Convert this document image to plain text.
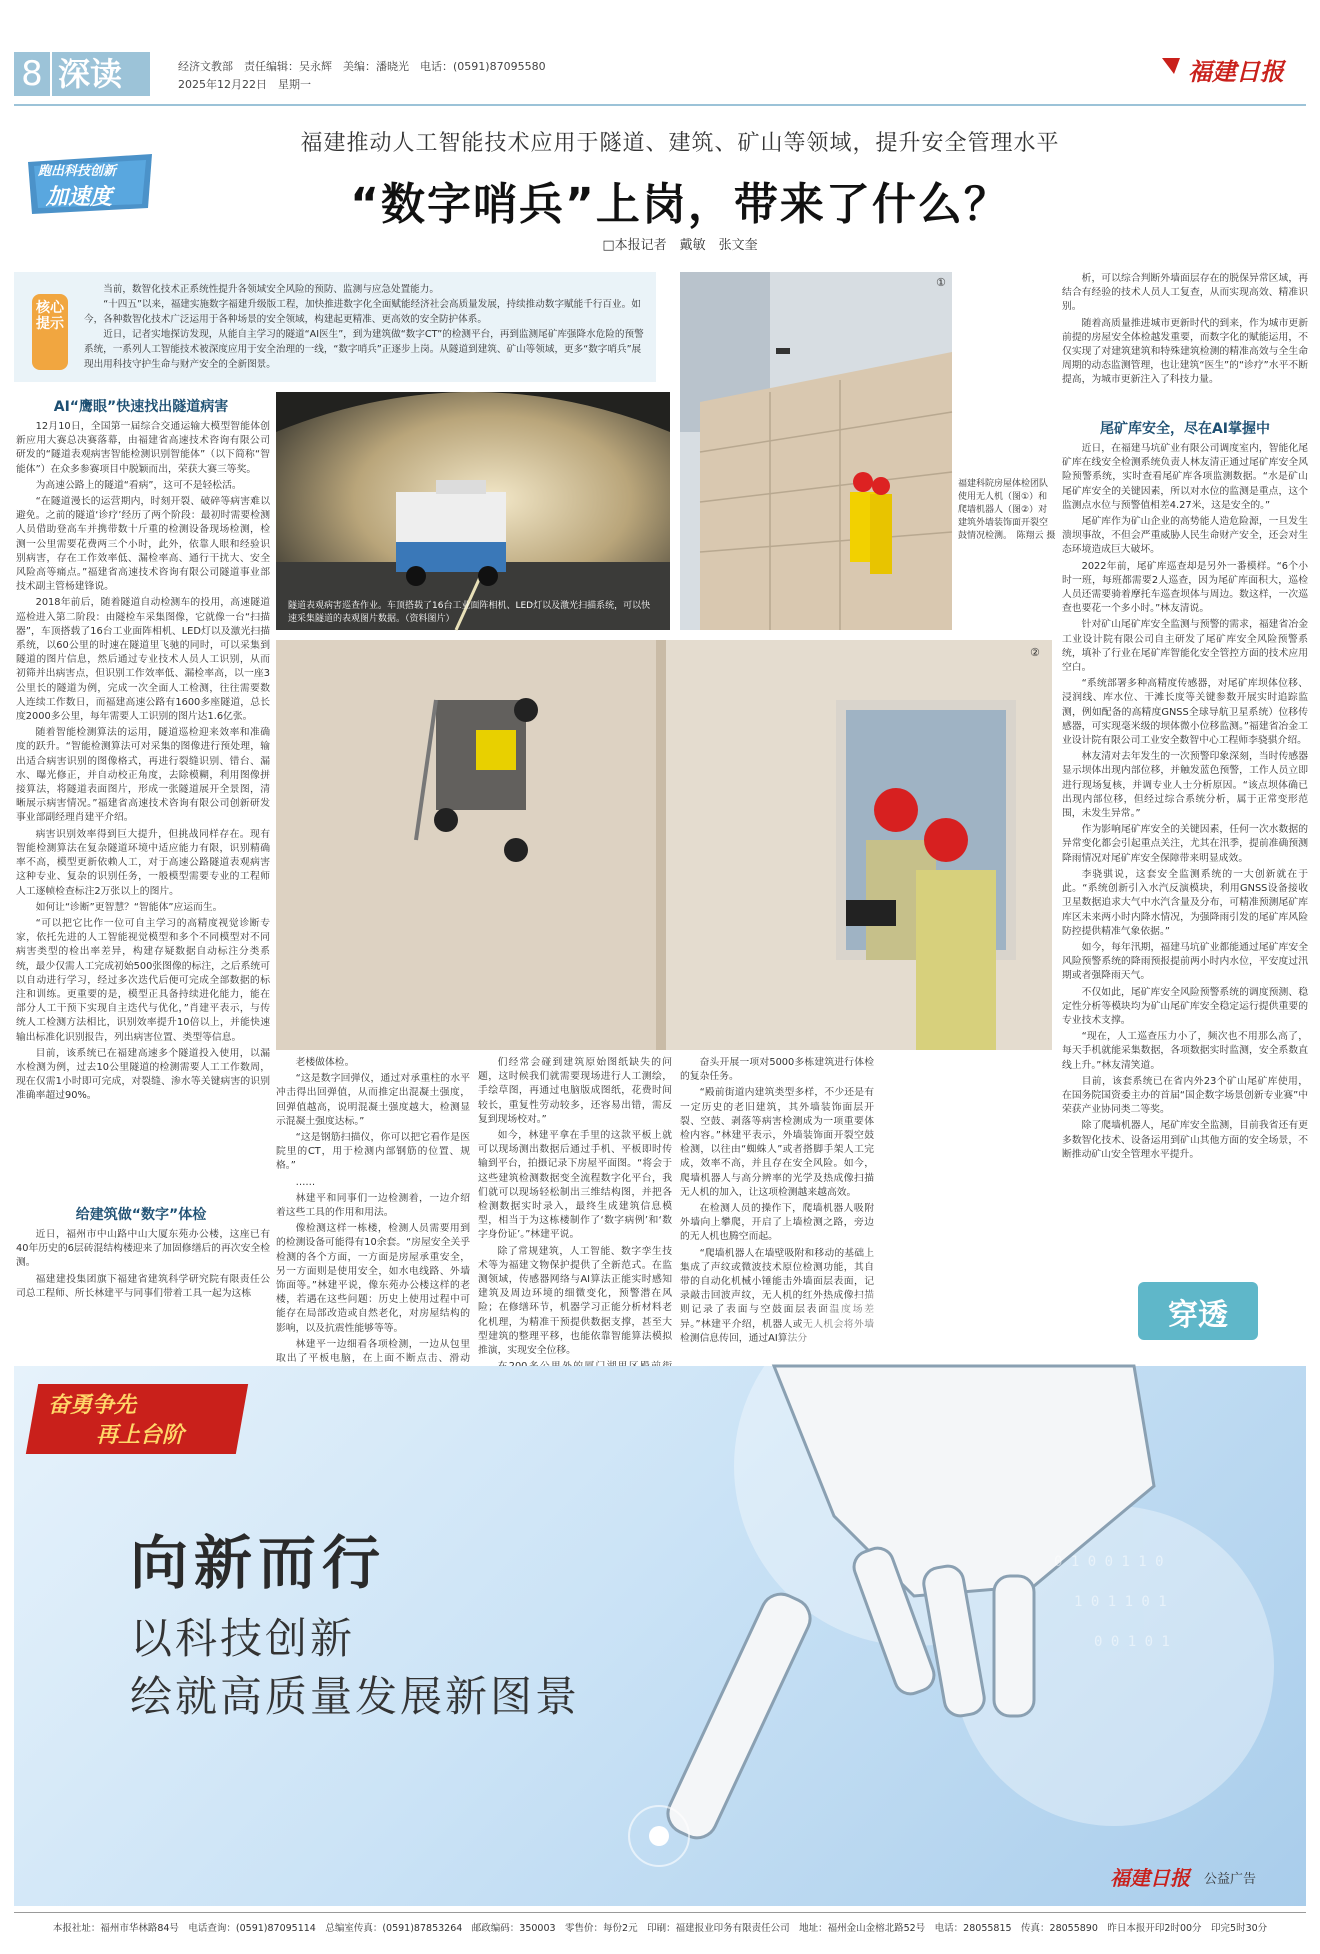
8 深读	经济文教部　责任编辑：吴永辉　美编：潘晓光　电话：(0591)87095580
2025年12月22日　星期一	福建日报
跑出科技创新
加速度
福建推动人工智能技术应用于隧道、建筑、矿山等领域，提升安全管理水平
“数字哨兵”上岗，带来了什么？
□本报记者　戴敏　张文奎
核心提示
当前，数智化技术正系统性提升各领域安全风险的预防、监测与应急处置能力。
“十四五”以来，福建实施数字福建升级版工程，加快推进数字化全面赋能经济社会高质量发展，持续推动数字赋能千行百业。如今，各种数智化技术广泛运用于各种场景的安全领域，构建起更精准、更高效的安全防护体系。
近日，记者实地探访发现，从能自主学习的隧道“AI医生”，到为建筑做“数字CT”的检测平台，再到监测尾矿库强降水危险的预警系统，一系列人工智能技术被深度应用于安全治理的一线，“数字哨兵”正逐步上岗。从隧道到建筑、矿山等领域，更多“数字哨兵”展现出用科技守护生命与财产安全的全新图景。
AI“鹰眼”快速找出隧道病害

12月10日，全国第一届综合交通运输大模型智能体创新应用大赛总决赛落幕，由福建省高速技术咨询有限公司研发的“隧道表观病害智能检测识别智能体”（以下简称“智能体”）在众多参赛项目中脱颖而出，荣获大赛三等奖。

为高速公路上的隧道“看病”，这可不是轻松活。

“在隧道漫长的运营期内，时刻开裂、破碎等病害难以避免。之前的隧道‘诊疗’经历了两个阶段：最初时需要检测人员借助登高车并携带数十斤重的检测设备现场检测，检测一公里需要花费两三个小时，此外，依靠人眼和经验识别病害，存在工作效率低、漏检率高、通行干扰大、安全风险高等痛点。”福建省高速技术咨询有限公司隧道事业部技术副主管杨建锋说。

2018年前后，随着隧道自动检测车的投用，高速隧道巡检进入第二阶段：由隧检车采集图像，它就像一台“扫描器”，车顶搭载了16台工业面阵相机、LED灯以及激光扫描系统，以60公里的时速在隧道里飞驰的同时，可以采集到隧道的图片信息，然后通过专业技术人员人工识别，从而初筛并出病害点，但识别工作效率低、漏检率高，以一座3公里长的隧道为例，完成一次全面人工检测，往往需要数人连续工作数日，而福建高速公路有1600多座隧道，总长度2000多公里，每年需要人工识别的图片达1.6亿张。

随着智能检测算法的运用，隧道巡检迎来效率和准确度的跃升。“智能检测算法可对采集的图像进行预处理，输出适合病害识别的图像格式，再进行裂缝识别、错台、漏水、曝光修正，并自动校正角度，去除模糊，利用图像拼接算法，将隧道表面图片，形成一张隧道展开全景图，清晰展示病害情况。”福建省高速技术咨询有限公司创新研发事业部副经理肖建平介绍。

病害识别效率得到巨大提升，但挑战同样存在。现有智能检测算法在复杂隧道环境中适应能力有限，识别精确率不高，模型更新依赖人工，对于高速公路隧道表观病害这种专业、复杂的识别任务，一般模型需要专业的工程师人工逐帧检查标注2万张以上的图片。

如何让“诊断”更智慧？“智能体”应运而生。

“可以把它比作一位可自主学习的高精度视觉诊断专家，依托先进的人工智能视觉模型和多个不同模型对不同病害类型的检出率差异，构建存疑数据自动标注分类系统，最少仅需人工完成初始500张图像的标注，之后系统可以自动进行学习，经过多次迭代后便可完成全部数据的标注和训练。更重要的是，模型正具备持续进化能力，能在部分人工干预下实现自主迭代与优化，”肖建平表示，与传统人工检测方法相比，识别效率提升10倍以上，并能快速输出标准化识别报告，列出病害位置、类型等信息。

目前，该系统已在福建高速多个隧道投入使用，以漏水检测为例，过去10公里隧道的检测需要人工工作数周，现在仅需1小时即可完成，对裂缝、渗水等关键病害的识别准确率超过90%。

给建筑做“数字”体检

近日，福州市中山路中山大厦东苑办公楼，这座已有40年历史的6层砖混结构楼迎来了加固修缮后的再次安全检测。

福建建投集团旗下福建省建筑科学研究院有限责任公司总工程师、所长林建平与同事们带着工具一起为这栋

隧道表观病害巡查作业。车顶搭载了16台工业面阵相机、LED灯以及激光扫描系统，可以快速采集隧道的表观图片数据。（资料图片）
①
福建科院房屋体检团队使用无人机（图①）和爬墙机器人（图②）对建筑外墙装饰面开裂空鼓情况检测。　陈翔云 摄
②

老楼做体检。

“这是数字回弹仪，通过对承重柱的水平冲击得出回弹值，从而推定出混凝土强度，回弹值越高，说明混凝土强度越大，检测显示混凝土强度达标。”

“这是钢筋扫描仪，你可以把它看作是医院里的CT，用于检测内部钢筋的位置、规格。”

……

林建平和同事们一边检测着，一边介绍着这些工具的作用和用法。

像检测这样一栋楼，检测人员需要用到的检测设备可能得有10余套。“房屋安全关乎检测的各个方面，一方面是房屋承重安全，另一方面则是使用安全，如水电线路、外墙饰面等。”林建平说，像东苑办公楼这样的老楼，若遇在这些问题：历史上使用过程中可能存在局部改造或自然老化，对房屋结构的影响，以及抗震性能够等等。

林建平一边细看各项检测，一边从包里取出了平板电脑，在上面不断点击、滑动

们经常会碰到建筑原始图纸缺失的问题，这时候我们就需要现场进行人工测绘，手绘草图，再通过电脑版成图纸，花费时间较长，重复性劳动较多，还容易出错，需反复到现场校对。”

如今，林建平拿在手里的这款平板上就可以现场测出数据后通过手机、平板即时传输到平台，拍摄记录下房屋平面图。“将会于这些建筑检测数据变全流程数字化平台，我们就可以现场轻松制出三维结构图，并把各检测数据实时录入，最终生成建筑信息模型，相当于为这栋楼制作了‘数字病例’和‘数字身份证’。”林建平说。

除了常规建筑，人工智能、数字孪生技术等为福建文物保护提供了全新范式。在监测领域，传感器网络与AI算法正能实时感知建筑及周边环境的细微变化，预警潜在风险；在修缮环节，机器学习正能分析材料老化机理，为精准干预提供数据支撑，甚至大型建筑的整理平移，也能依靠智能算法模拟推演，实现安全位移。

奋头开展一项对5000多栋建筑进行体检的复杂任务。

“殿前街道内建筑类型多样，不少还是有一定历史的老旧建筑，其外墙装饰面层开裂、空鼓、剥落等病害检测成为一项重要体检内容。”林建平表示，外墙装饰面开裂空鼓检测，以往由“蜘蛛人”或者搭脚手架人工完成，效率不高，并且存在安全风险。如今，爬墙机器人与高分辨率的光学及热成像扫描无人机的加入，让这项检测越来越高效。

在检测人员的操作下，爬墙机器人吸附外墙向上攀爬，开启了上墙检测之路，旁边的无人机也腾空而起。

“爬墙机器人在墙壁吸附和移动的基础上集成了声纹或微波技术原位检测功能，其自带的自动化机械小锤能击外墙面层表面，记录敲击回波声纹，无人机的红外热成像扫描则记录了表面与空鼓面层表面温度场差异。”林建平介绍，机器人或无人机会将外墙检测信息传回，通过AI算法分

析，可以综合判断外墙面层存在的脱保异常区域，再结合有经验的技术人员人工复查，从而实现高效、精准识别。

随着高质量推进城市更新时代的到来，作为城市更新前提的房屋安全体检越发重要，而数字化的赋能运用，不仅实现了对建筑建筑和特殊建筑检测的精准高效与全生命周期的动态监测管理，也让建筑“医生”的“诊疗”水平不断提高，为城市更新注入了科技力量。

尾矿库安全，尽在AI掌握中

近日，在福建马坑矿业有限公司调度室内，智能化尾矿库在线安全检测系统负责人林友清正通过尾矿库安全风险预警系统，实时查看尾矿库各项监测数据。“水是矿山尾矿库安全的关键因素，所以对水位的监测是重点，这个监测点水位与预警值相差4.27米，这是安全的。”

尾矿库作为矿山企业的高势能人造危险源，一旦发生溃坝事故，不但会严重威胁人民生命财产安全，还会对生态环境造成巨大破坏。

2022年前，尾矿库巡查却是另外一番模样。“6个小时一班，每班都需要2人巡查，因为尾矿库面积大，巡检人员还需要骑着摩托车巡查坝体与周边。数这样，一次巡查也要花一个多小时。”林友清说。

针对矿山尾矿库安全监测与预警的需求，福建省冶金工业设计院有限公司自主研发了尾矿库安全风险预警系统，填补了行业在尾矿库智能化安全管控方面的技术应用空白。

“系统部署多种高精度传感器，对尾矿库坝体位移、浸润线、库水位、干滩长度等关键参数开展实时追踪监测，例如配备的高精度GNSS全球导航卫星系统）位移传感器，可实现毫米级的坝体微小位移监测。”福建省冶金工业设计院有限公司工业安全数智中心工程师李骁骐介绍。

林友清对去年发生的一次预警印象深刻，当时传感器显示坝体出现内部位移，并触发蓝色预警，工作人员立即进行现场复核，并调专业人士分析原因。“该点坝体确已出现内部位移，但经过综合系统分析，属于正常变形范围，未发生异常。”

作为影响尾矿库安全的关键因素，任何一次水数据的异常变化都会引起重点关注，尤其在汛季，提前准确预测降雨情况对尾矿库安全保障带来明显成效。

李骁骐说，这套安全监测系统的一大创新就在于此。“系统创新引入水汽反演模块，利用GNSS设备接收卫星数据追求大气中水汽含量及分布，可精准预测尾矿库库区未来两小时内降水情况，为强降雨引发的尾矿库风险防控提供精准气象依据。”

如今，每年汛期，福建马坑矿业都能通过尾矿库安全风险预警系统的降雨预报提前两小时内水位，平安度过汛期或者强降雨天气。

不仅如此，尾矿库安全风险预警系统的调度预测、稳定性分析等模块均为矿山尾矿库安全稳定运行提供重要的专业技术支撑。

“现在，人工巡查压力小了，频次也不用那么高了，每天手机就能采集数据，各项数据实时监测，安全系数直线上升。”林友清笑道。

目前，该套系统已在省内外23个矿山尾矿库使用，在国务院国资委主办的首届“国企数字场景创新专业赛”中荣获产业协同类二等奖。

除了爬墙机器人，尾矿库安全监测，目前我省还有更多数智化技术、设备运用到矿山其他方面的安全场景，不断推动矿山安全管理水平提升。

穿透
0 1 0 0 1 1 0
1 0 1 1 0 1
0 0 1 0 1
奋勇争先
再上台阶
向新而行
以科技创新
绘就高质量发展新图景
福建日报 公益广告
本报社址：福州市华林路84号　电话查询：(0591)87095114　总编室传真：(0591)87853264　邮政编码：350003　零售价：每份2元　印刷：福建报业印务有限责任公司　地址：福州金山金榕北路52号　电话：28055815　传真：28055890　昨日本报开印2时00分　印完5时30分
